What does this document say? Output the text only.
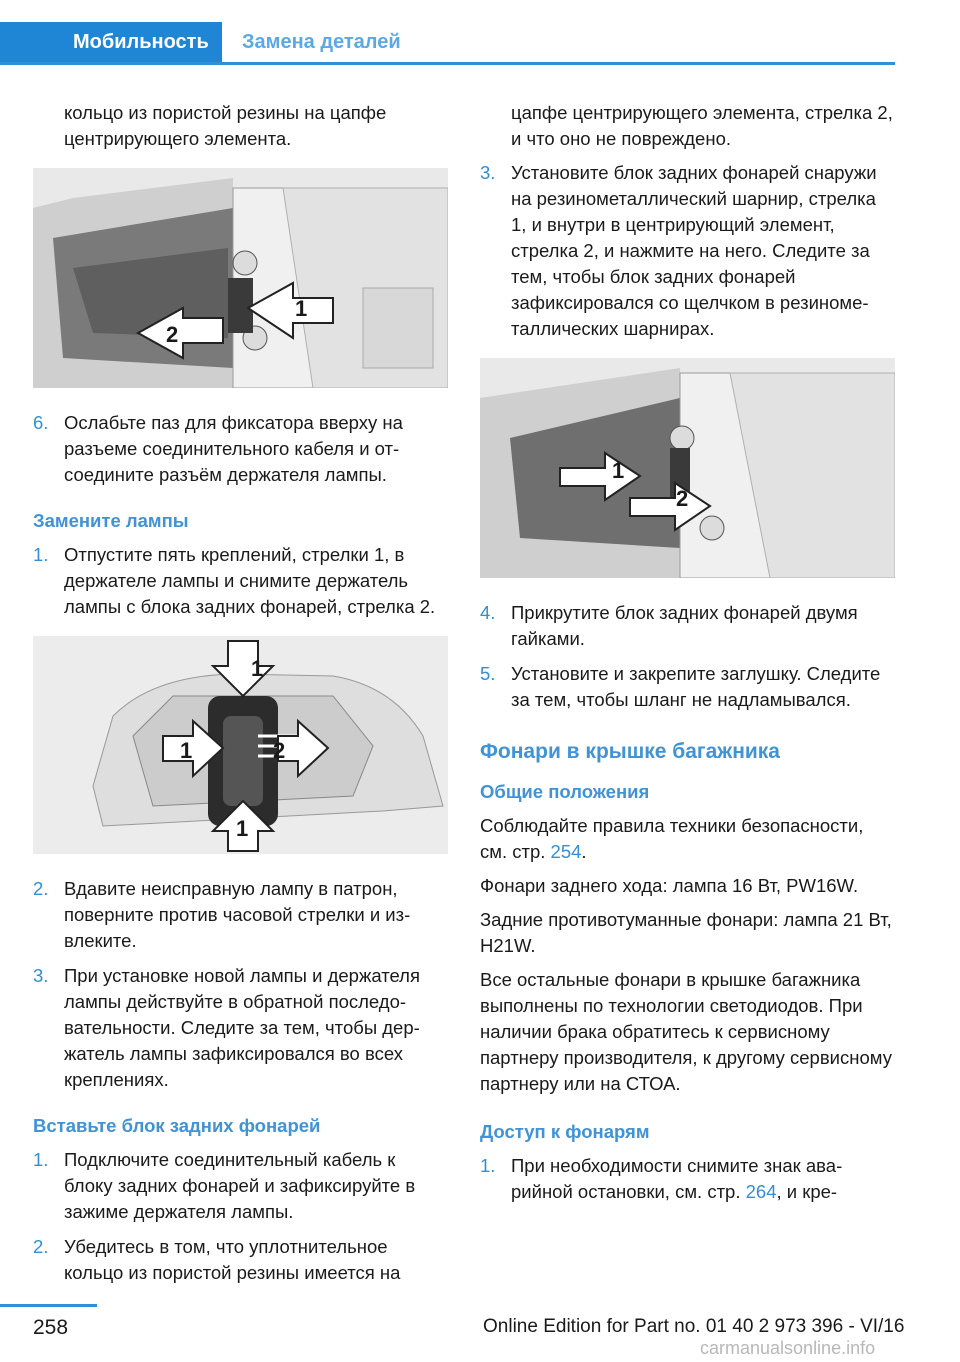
Мобильность	Замена деталей

кольцо из пористой резины на цапфе центрирующего элемента.

1
2
6. Ослабьте паз для фиксатора вверху на разъеме соединительного кабеля и отсоедините разъём держателя лампы.
Замените лампы
1. Отпустите пять креплений, стрелки 1, в держателе лампы и снимите держатель лампы с блока задних фонарей, стрелка 2.
1
1	2
1
2. Вдавите неисправную лампу в патрон, поверните против часовой стрелки и извлеките.
3. При установке новой лампы и держателя лампы действуйте в обратной последовательности. Следите за тем, чтобы держатель лампы зафиксировался во всех креплениях.
Вставьте блок задних фонарей
1. Подключите соединительный кабель к блоку задних фонарей и зафиксируйте в зажиме держателя лампы.
2. Убедитесь в том, что уплотнительное кольцо из пористой резины имеется на

цапфе центрирующего элемента, стрелка 2, и что оно не повреждено.

3. Установите блок задних фонарей снаружи на резинометаллический шарнир, стрелка 1, и внутри в центрирующий элемент, стрелка 2, и нажмите на него. Следите за тем, чтобы блок задних фонарей зафиксировался со щелчком в резинометаллических шарнирах.
1
2
4. Прикрутите блок задних фонарей двумя гайками.
5. Установите и закрепите заглушку. Следите за тем, чтобы шланг не надламывался.
Фонари в крышке багажника
Общие положения

Соблюдайте правила техники безопасности, см. стр. 254.

Фонари заднего хода: лампа 16 Вт, PW16W.

Задние противотуманные фонари: лампа 21 Вт, H21W.

Все остальные фонари в крышке багажника выполнены по технологии светодиодов. При наличии брака обратитесь к сервисному партнеру производителя, к другому сервисному партнеру или на СТОА.

Доступ к фонарям
1. При необходимости снимите знак аварийной остановки, см. стр. 264, и кре-
258	Online Edition for Part no. 01 40 2 973 396 - VI/16
carmanualsonline.info
